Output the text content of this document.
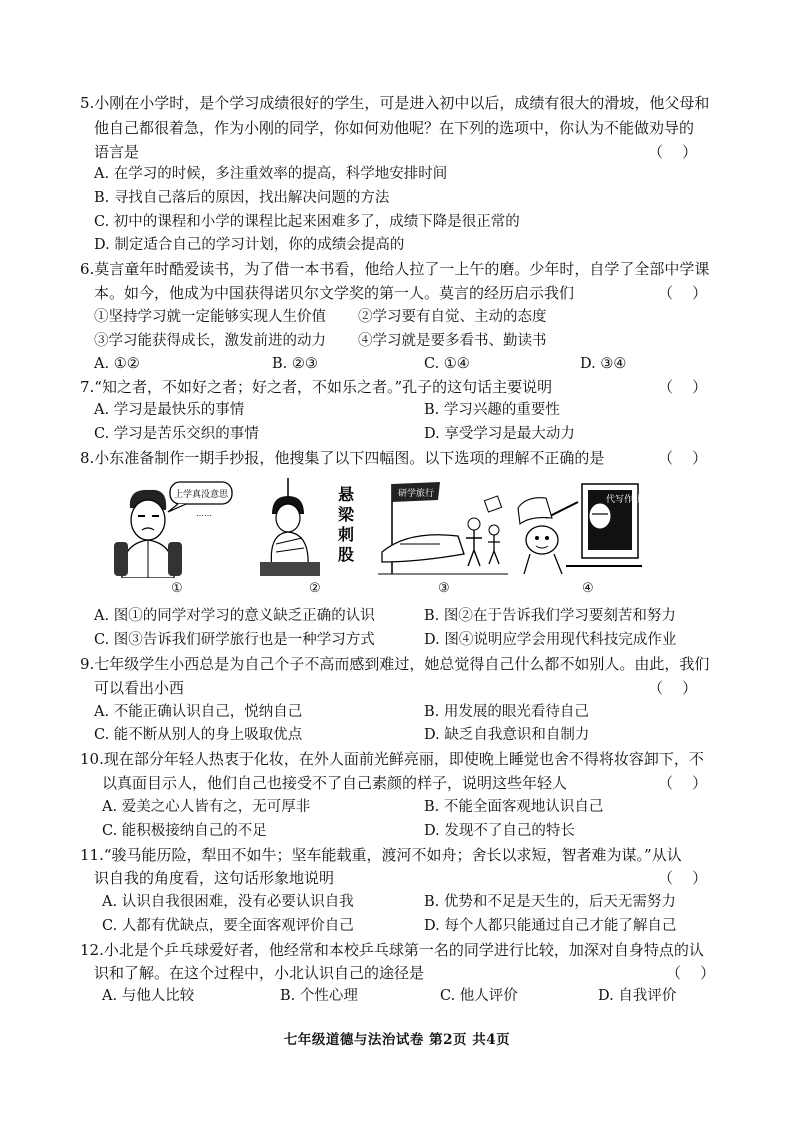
5.小刚在小学时，是个学习成绩很好的学生，可是进入初中以后，成绩有很大的滑坡，他父母和
他自己都很着急，作为小刚的同学，你如何劝他呢？在下列的选项中，你认为不能做劝导的
语言是	（    ）
A. 在学习的时候，多注重效率的提高，科学地安排时间
B. 寻找自己落后的原因，找出解决问题的方法
C. 初中的课程和小学的课程比起来困难多了，成绩下降是很正常的
D. 制定适合自己的学习计划，你的成绩会提高的
6.莫言童年时酷爱读书，为了借一本书看，他给人拉了一上午的磨。少年时，自学了全部中学课
本。如今，他成为中国获得诺贝尔文学奖的第一人。莫言的经历启示我们	（    ）
①坚持学习就一定能够实现人生价值 ②学习要有自觉、主动的态度
③学习能获得成长，激发前进的动力 ④学习就是要多看书、勤读书
A. ①②	B. ②③	C. ①④	D. ③④
7.“知之者，不如好之者；好之者，不如乐之者。”孔子的这句话主要说明	（    ）
A. 学习是最快乐的事情	B. 学习兴趣的重要性
C. 学习是苦乐交织的事情	D. 享受学习是最大动力
8.小东准备制作一期手抄报，他搜集了以下四幅图。以下选项的理解不正确的是	（    ）
上学真没意思
……
①
悬梁刺股
②
研学旅行
③
代写作业
④
A. 图①的同学对学习的意义缺乏正确的认识	B. 图②在于告诉我们学习要刻苦和努力
C. 图③告诉我们研学旅行也是一种学习方式	D. 图④说明应学会用现代科技完成作业
9.七年级学生小西总是为自己个子不高而感到难过，她总觉得自己什么都不如别人。由此，我们
可以看出小西	（    ）
A. 不能正确认识自己，悦纳自己	B. 用发展的眼光看待自己
C. 能不断从别人的身上吸取优点	D. 缺乏自我意识和自制力
10.现在部分年轻人热衷于化妆，在外人面前光鲜亮丽，即使晚上睡觉也舍不得将妆容卸下，不
以真面目示人，他们自己也接受不了自己素颜的样子，说明这些年轻人	（    ）
A. 爱美之心人皆有之，无可厚非	B. 不能全面客观地认识自己
C. 能积极接纳自己的不足	D. 发现不了自己的特长
11.“骏马能历险，犁田不如牛；坚车能载重，渡河不如舟；舍长以求短，智者难为谋。”从认
识自我的角度看，这句话形象地说明	（    ）
A. 认识自我很困难，没有必要认识自我	B. 优势和不足是天生的，后天无需努力
C. 人都有优缺点，要全面客观评价自己	D. 每个人都只能通过自己才能了解自己
12.小北是个乒乓球爱好者，他经常和本校乒乓球第一名的同学进行比较，加深对自身特点的认
识和了解。在这个过程中，小北认识自己的途径是	（    ）
A. 与他人比较	B. 个性心理	C. 他人评价	D. 自我评价
七年级道德与法治试卷 第2页 共4页
